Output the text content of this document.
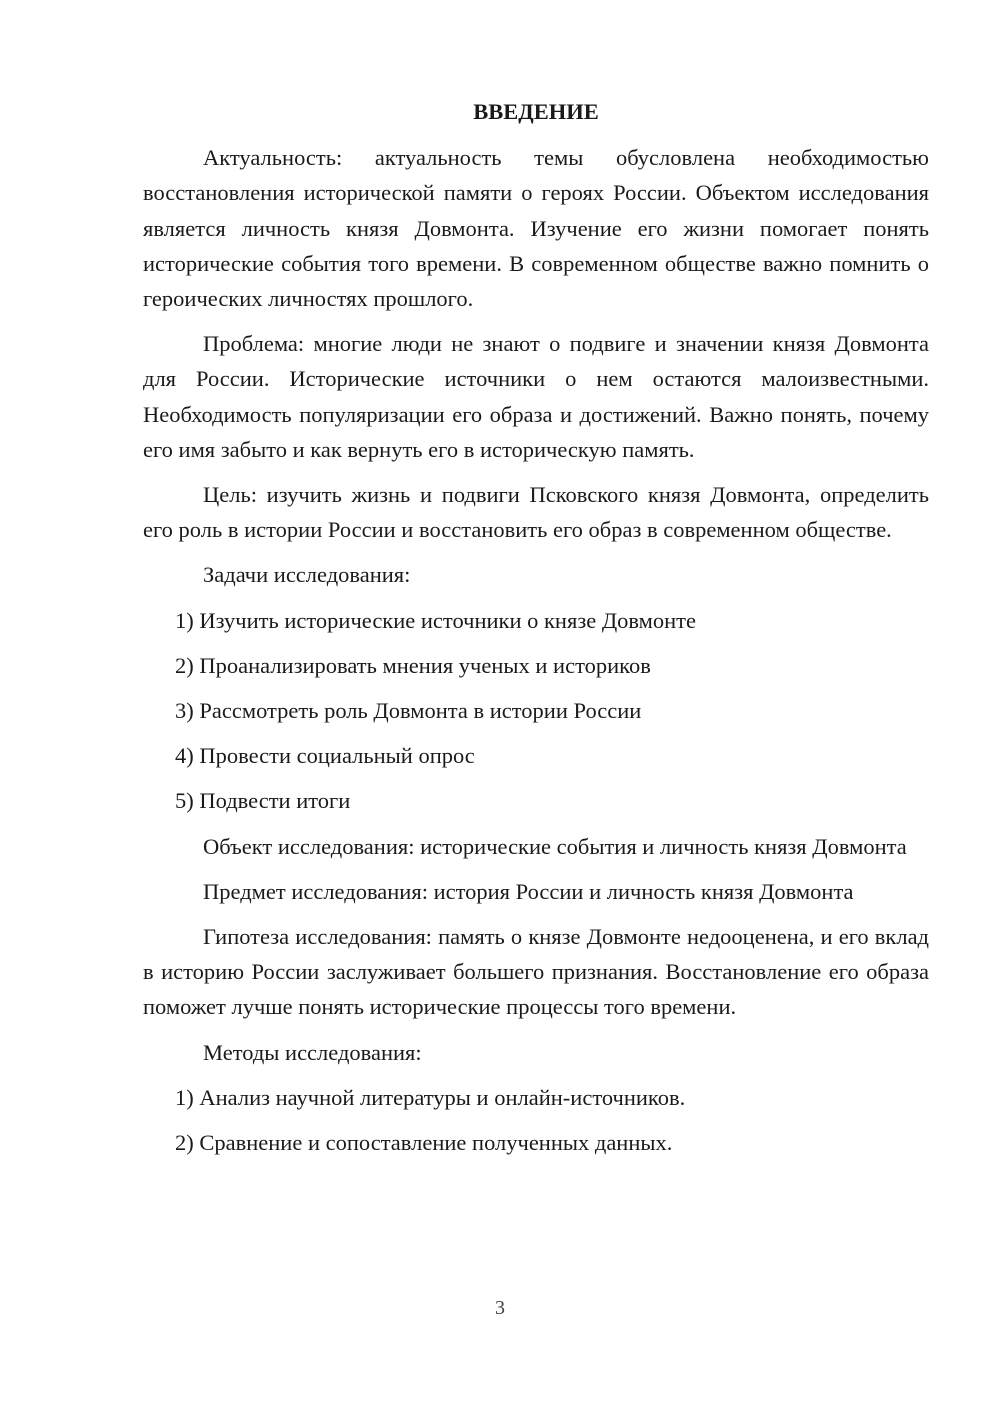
ВВЕДЕНИЕ

Актуальность: актуальность темы обусловлена необходимостью восстановления исторической памяти о героях России. Объектом исследования является личность князя Довмонта. Изучение его жизни помогает понять исторические события того времени. В современном обществе важно помнить о героических личностях прошлого.

Проблема: многие люди не знают о подвиге и значении князя Довмонта для России. Исторические источники о нем остаются малоизвестными. Необходимость популяризации его образа и достижений. Важно понять, почему его имя забыто и как вернуть его в историческую память.

Цель: изучить жизнь и подвиги Псковского князя Довмонта, определить его роль в истории России и восстановить его образ в современном обществе.

Задачи исследования:

1) Изучить исторические источники о князе Довмонте
2) Проанализировать мнения ученых и историков
3) Рассмотреть роль Довмонта в истории России
4) Провести социальный опрос
5) Подвести итоги

Объект исследования: исторические события и личность князя Довмонта

Предмет исследования: история России и личность князя Довмонта

Гипотеза исследования: память о князе Довмонте недооценена, и его вклад в историю России заслуживает большего признания. Восстановление его образа поможет лучше понять исторические процессы того времени.

Методы исследования:

1) Анализ научной литературы и онлайн-источников.
2) Сравнение и сопоставление полученных данных.
3
